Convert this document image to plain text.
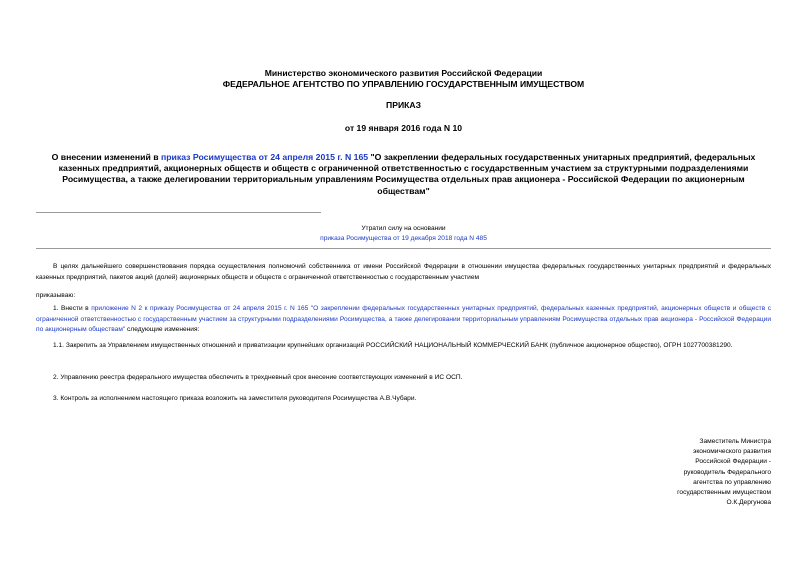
Министерство экономического развития Российской Федерации
ФЕДЕРАЛЬНОЕ АГЕНТСТВО ПО УПРАВЛЕНИЮ ГОСУДАРСТВЕННЫМ ИМУЩЕСТВОМ
ПРИКАЗ
от 19 января 2016 года N 10
О внесении изменений в приказ Росимущества от 24 апреля 2015 г. N 165 "О закреплении федеральных государственных унитарных предприятий, федеральных казенных предприятий, акционерных обществ и обществ с ограниченной ответственностью с государственным участием за структурными подразделениями Росимущества, а также делегировании территориальным управлениям Росимущества отдельных прав акционера - Российской Федерации по акционерным обществам"
Утратил силу на основании
приказа Росимущества от 19 декабря 2018 года N 485
В целях дальнейшего совершенствования порядка осуществления полномочий собственника от имени Российской Федерации в отношении имущества федеральных государственных унитарных предприятий и федеральных казенных предприятий, пакетов акций (долей) акционерных обществ и обществ с ограниченной ответственностью с государственным участием
приказываю:
1. Внести в приложение N 2 к приказу Росимущества от 24 апреля 2015 г. N 165 "О закреплении федеральных государственных унитарных предприятий, федеральных казенных предприятий, акционерных обществ и обществ с ограниченной ответственностью с государственным участием за структурными подразделениями Росимущества, а также делегировании территориальным управлениям Росимущества отдельных прав акционера - Российской Федерации по акционерным обществам" следующие изменения:
1.1. Закрепить за Управлением имущественных отношений и приватизации крупнейших организаций РОССИЙСКИЙ НАЦИОНАЛЬНЫЙ КОММЕРЧЕСКИЙ БАНК (публичное акционерное общество), ОГРН 1027700381290.
2. Управлению реестра федерального имущества обеспечить в трехдневный срок внесение соответствующих изменений в ИС ОСП.
3. Контроль за исполнением настоящего приказа возложить на заместителя руководителя Росимущества А.В.Чубари.
Заместитель Министра
экономического развития
Российской Федерации -
руководитель Федерального
агентства по управлению
государственным имуществом
О.К.Дергунова
